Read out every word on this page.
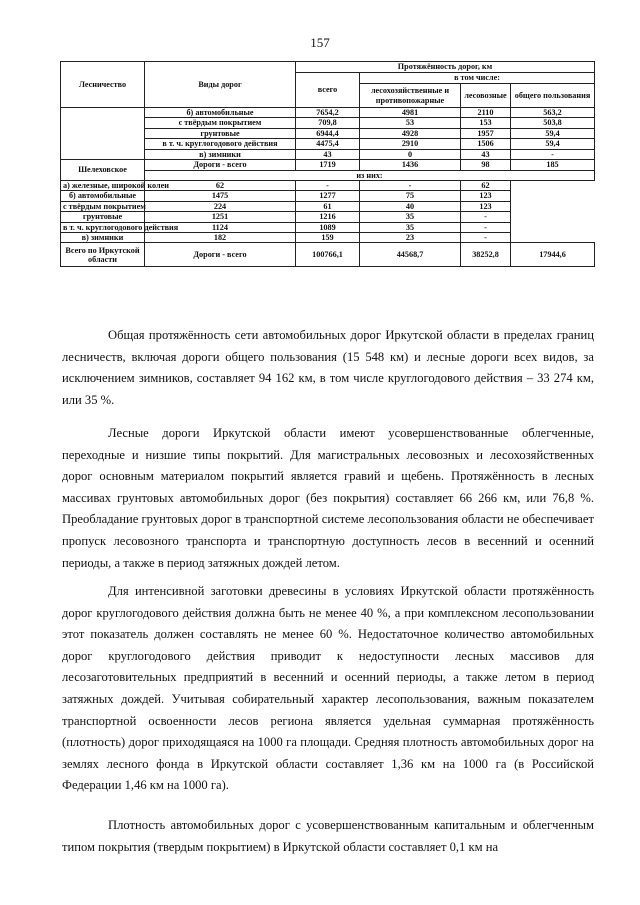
157
Лесничество	Виды дорог	Протяжённость дорог, км			
		всего	в том числе:		
			лесохозяйственные и противопожарные	лесовозные	общего пользования
	б) автомобильные	7654,2	4981	2110	563,2
	с твёрдым покрытием	709,8	53	153	503,8
	грунтовые	6944,4	4928	1957	59,4
	в т. ч. круглогодового действия	4475,4	2910	1506	59,4
	в) зимники	43	0	43	-
Шелеховское	Дороги - всего	1719	1436	98	185
	из них:				
а) железные, широкой колеи	62	-	-	62	
б) автомобильные	1475	1277	75	123	
с твёрдым покрытием	224	61	40	123	
грунтовые	1251	1216	35	-	
в т. ч. круглогодового действия	1124	1089	35	-	
в) зимники	182	159	23	-	
Всего по Иркутской области	Дороги - всего	100766,1	44568,7	38252,8	17944,6

Общая протяжённость сети автомобильных дорог Иркутской области в пределах границ лесничеств, включая дороги общего пользования (15 548 км) и лесные дороги всех видов, за исключением зимников, составляет 94 162 км, в том числе круглогодового действия – 33 274 км, или 35 %.

Лесные дороги Иркутской области имеют усовершенствованные облегченные, переходные и низшие типы покрытий. Для магистральных лесовозных и лесохозяйственных дорог основным материалом покрытий является гравий и щебень. Протяжённость в лесных массивах грунтовых автомобильных дорог (без покрытия) составляет 66 266 км, или 76,8 %. Преобладание грунтовых дорог в транспортной системе лесопользования области не обеспечивает пропуск лесовозного транспорта и транспортную доступность лесов в весенний и осенний периоды, а также в период затяжных дождей летом.

Для интенсивной заготовки древесины в условиях Иркутской области протяжённость дорог круглогодового действия должна быть не менее 40 %, а при комплексном лесопользовании этот показатель должен составлять не менее 60 %. Недостаточное количество автомобильных дорог круглогодового действия приводит к недоступности лесных массивов для лесозаготовительных предприятий в весенний и осенний периоды, а также летом в период затяжных дождей. Учитывая собирательный характер лесопользования, важным показателем транспортной освоенности лесов региона является удельная суммарная протяжённость (плотность) дорог приходящаяся на 1000 га площади. Средняя плотность автомобильных дорог на землях лесного фонда в Иркутской области составляет 1,36 км на 1000 га (в Российской Федерации 1,46 км на 1000 га).

Плотность автомобильных дорог с усовершенствованным капитальным и облегченным типом покрытия (твердым покрытием) в Иркутской области составляет 0,1 км на
